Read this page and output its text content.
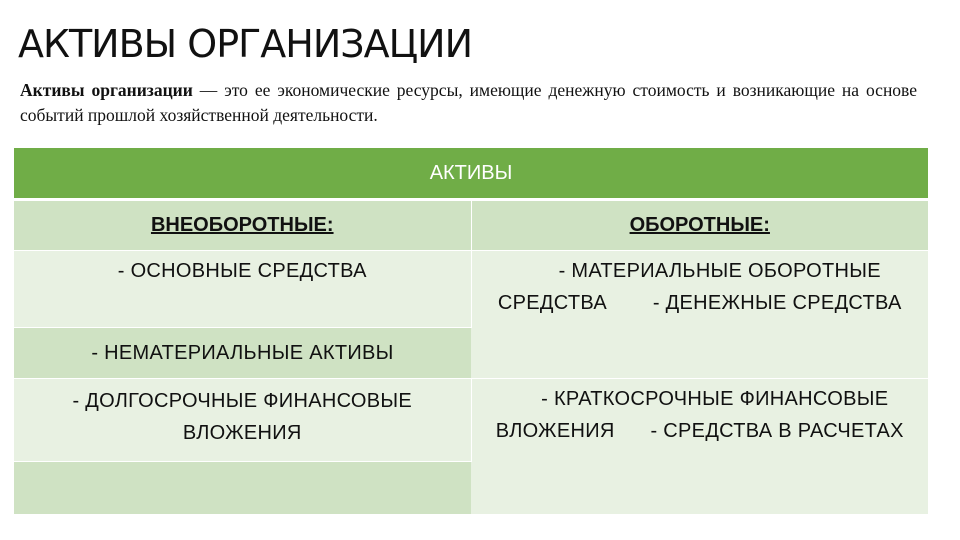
АКТИВЫ ОРГАНИЗАЦИИ
Активы организации — это ее экономические ресурсы, имеющие денежную стоимость и возникающие на основе событий прошлой хозяйственной деятельности.
АКТИВЫ	
ВНЕОБОРОТНЫЕ:	ОБОРОТНЫЕ:
- ОСНОВНЫЕ СРЕДСТВА	- МАТЕРИАЛЬНЫЕ ОБОРОТНЫЕ СРЕДСТВА - ДЕНЕЖНЫЕ СРЕДСТВА
- НЕМАТЕРИАЛЬНЫЕ АКТИВЫ	
- ДОЛГОСРОЧНЫЕ ФИНАНСОВЫЕ ВЛОЖЕНИЯ	- КРАТКОСРОЧНЫЕ ФИНАНСОВЫЕ ВЛОЖЕНИЯ - СРЕДСТВА В РАСЧЕТАХ
